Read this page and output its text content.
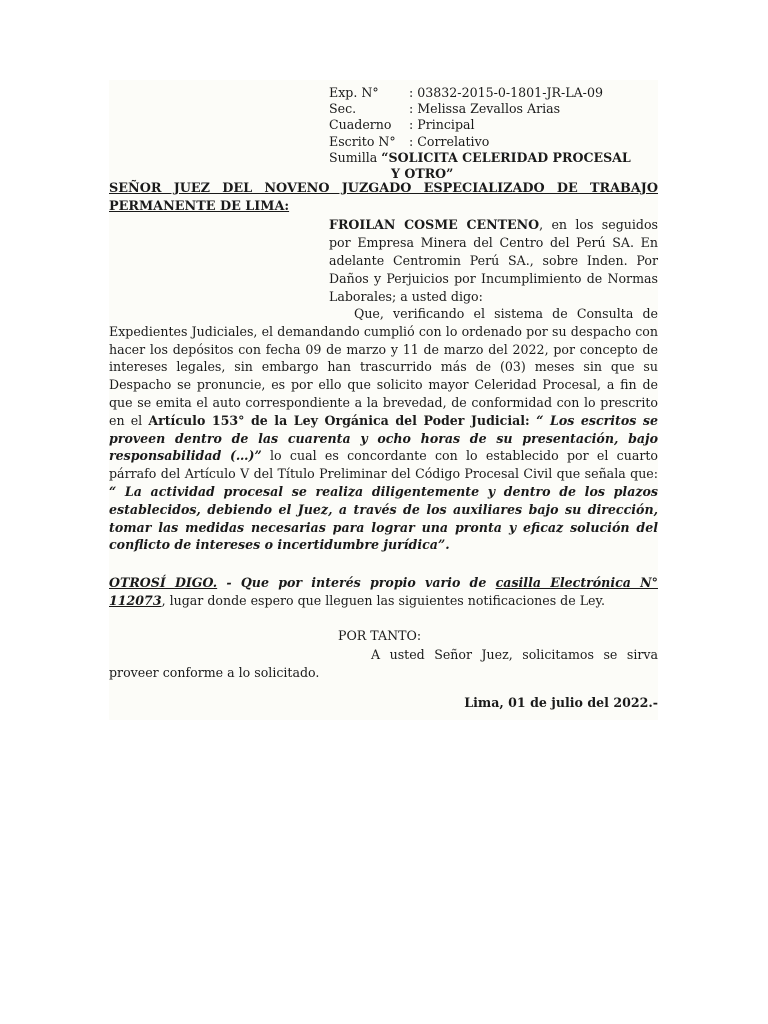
Exp. N° : 03832-2015-0-1801-JR-LA-09
Sec.	: Melissa Zevallos Arias
Cuaderno : Principal
Escrito N° : Correlativo
Sumilla “SOLICITA CELERIDAD PROCESAL
Y OTRO”
SEÑOR JUEZ DEL NOVENO JUZGADO ESPECIALIZADO DE TRABAJO
PERMANENTE DE LIMA:
FROILAN COSME CENTENO, en los seguidos por Empresa Minera del Centro del Perú SA. En adelante Centromin Perú SA., sobre Inden. Por Daños y Perjuicios por Incumplimiento de Normas Laborales; a usted digo:
Que, verificando el sistema de Consulta de Expedientes Judiciales, el demandando cumplió con lo ordenado por su despacho con hacer los depósitos con fecha 09 de marzo y 11 de marzo del 2022, por concepto de intereses legales, sin embargo han trascurrido más de (03) meses sin que su Despacho se pronuncie, es por ello que solicito mayor Celeridad Procesal, a fin de que se emita el auto correspondiente a la brevedad, de conformidad con lo prescrito en el Artículo 153° de la Ley Orgánica del Poder Judicial: “ Los escritos se proveen dentro de las cuarenta y ocho horas de su presentación, bajo responsabilidad (…)” lo cual es concordante con lo establecido por el cuarto párrafo del Artículo V del Título Preliminar del Código Procesal Civil que señala que: “ La actividad procesal se realiza diligentemente y dentro de los plazos establecidos, debiendo el Juez, a través de los auxiliares bajo su dirección, tomar las medidas necesarias para lograr una pronta y eficaz solución del conflicto de intereses o incertidumbre jurídica”.
OTROSÍ DIGO. - Que por interés propio vario de casilla Electrónica N° 112073, lugar donde espero que lleguen las siguientes notificaciones de Ley.
POR TANTO:
A usted Señor Juez, solicitamos se sirva proveer conforme a lo solicitado.
Lima, 01 de julio del 2022.-
